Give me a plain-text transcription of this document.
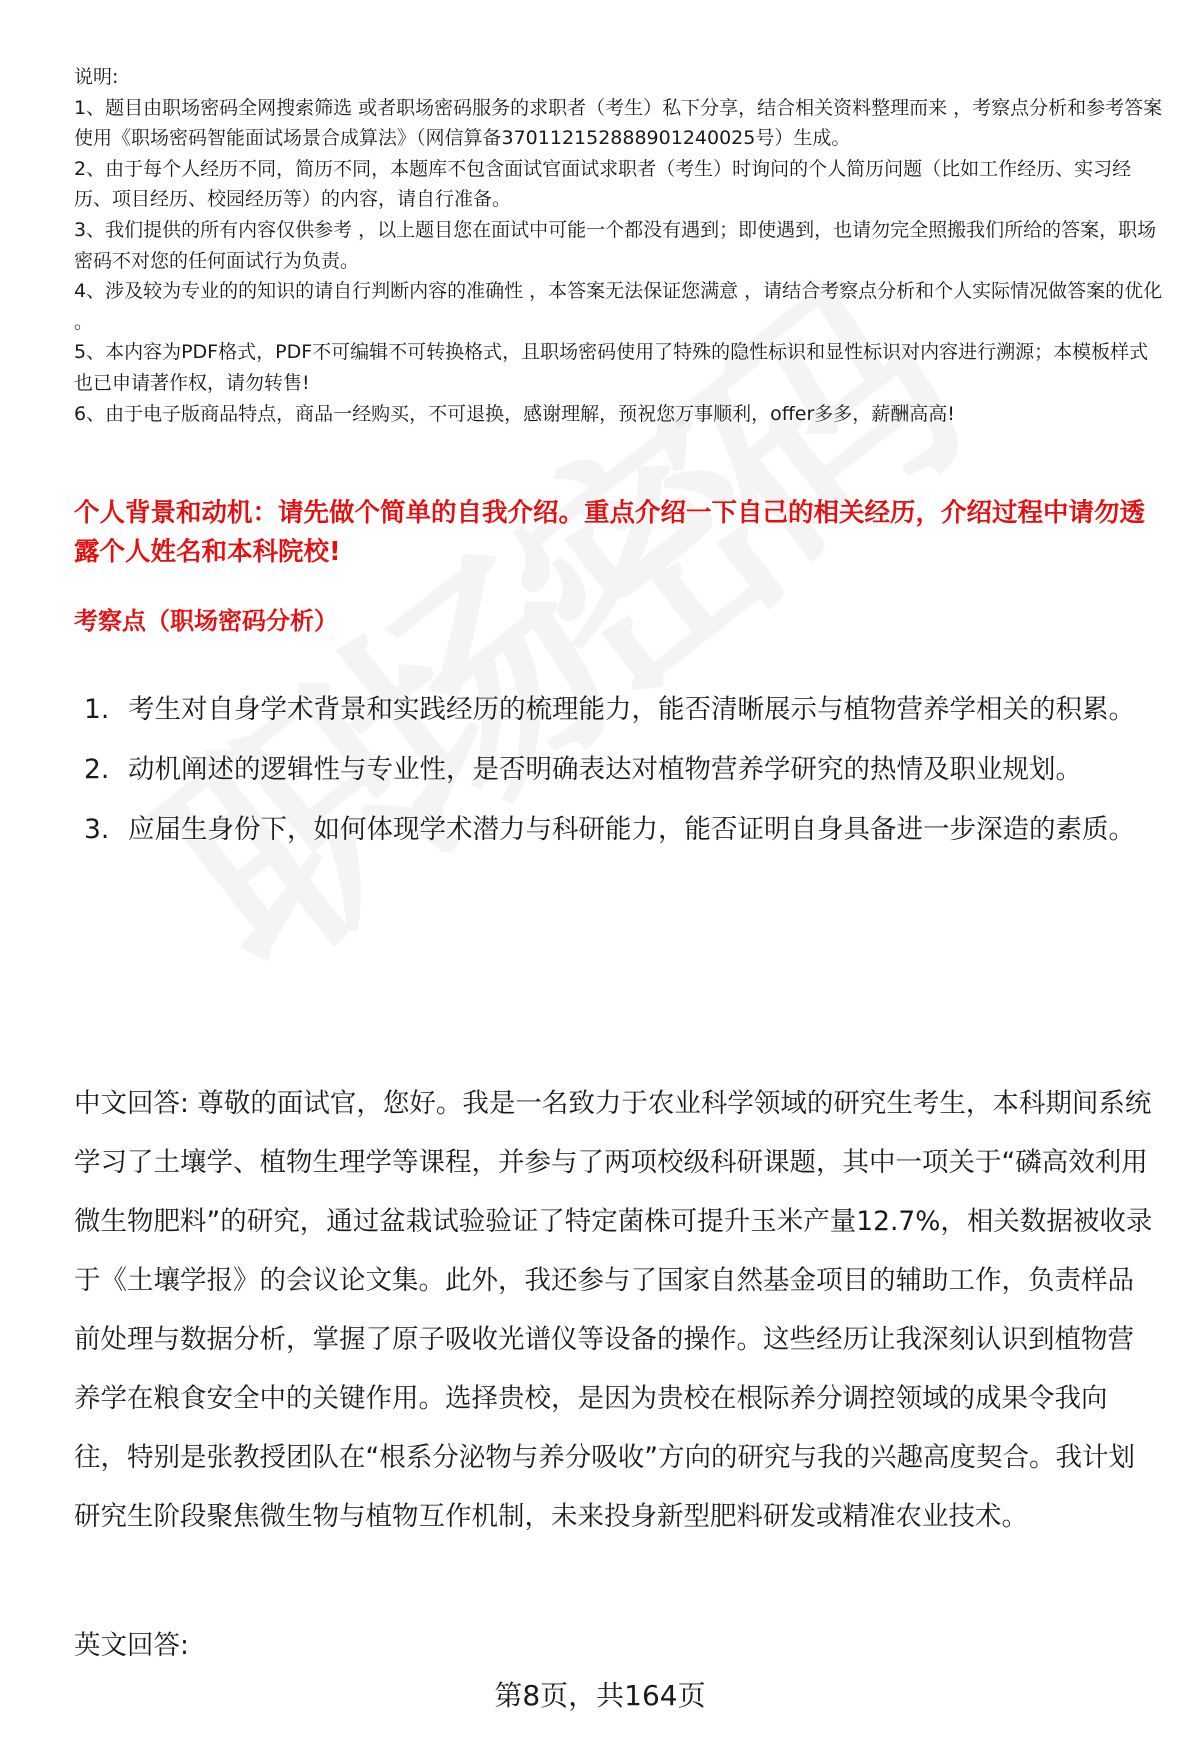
说明:

1、题目由职场密码全网搜索筛选 或者职场密码服务的求职者（考生）私下分享，结合相关资料整理而来 ，考察点分析和参考答案使用《职场密码智能面试场景合成算法》（网信算备370112152888901240025号）生成。

2、由于每个人经历不同，简历不同，本题库不包含面试官面试求职者（考生）时询问的个人简历问题（比如工作经历、实习经历、项目经历、校园经历等）的内容，请自行准备。

3、我们提供的所有内容仅供参考 ，以上题目您在面试中可能一个都没有遇到；即使遇到，也请勿完全照搬我们所给的答案，职场密码不对您的任何面试行为负责。

4、涉及较为专业的的知识的请自行判断内容的准确性 ，本答案无法保证您满意 ，请结合考察点分析和个人实际情况做答案的优化 。

5、本内容为PDF格式，PDF不可编辑不可转换格式，且职场密码使用了特殊的隐性标识和显性标识对内容进行溯源；本模板样式也已申请著作权，请勿转售!

6、由于电子版商品特点，商品一经购买，不可退换，感谢理解，预祝您万事顺利，offer多多，薪酬高高!

个人背景和动机：请先做个简单的自我介绍。重点介绍一下自己的相关经历，介绍过程中请勿透露个人姓名和本科院校!

考察点（职场密码分析）

1. 考生对自身学术背景和实践经历的梳理能力，能否清晰展示与植物营养学相关的积累。
2. 动机阐述的逻辑性与专业性，是否明确表达对植物营养学研究的热情及职业规划。
3. 应届生身份下，如何体现学术潜力与科研能力，能否证明自身具备进一步深造的素质。

中文回答: 尊敬的面试官，您好。我是一名致力于农业科学领域的研究生考生，本科期间系统学习了土壤学、植物生理学等课程，并参与了两项校级科研课题，其中一项关于“磷高效利用微生物肥料”的研究，通过盆栽试验验证了特定菌株可提升玉米产量12.7%，相关数据被收录于《土壤学报》的会议论文集。此外，我还参与了国家自然基金项目的辅助工作，负责样品前处理与数据分析，掌握了原子吸收光谱仪等设备的操作。这些经历让我深刻认识到植物营养学在粮食安全中的关键作用。选择贵校，是因为贵校在根际养分调控领域的成果令我向往，特别是张教授团队在“根系分泌物与养分吸收”方向的研究与我的兴趣高度契合。我计划研究生阶段聚焦微生物与植物互作机制，未来投身新型肥料研发或精准农业技术。

英文回答:

第8页，共164页
